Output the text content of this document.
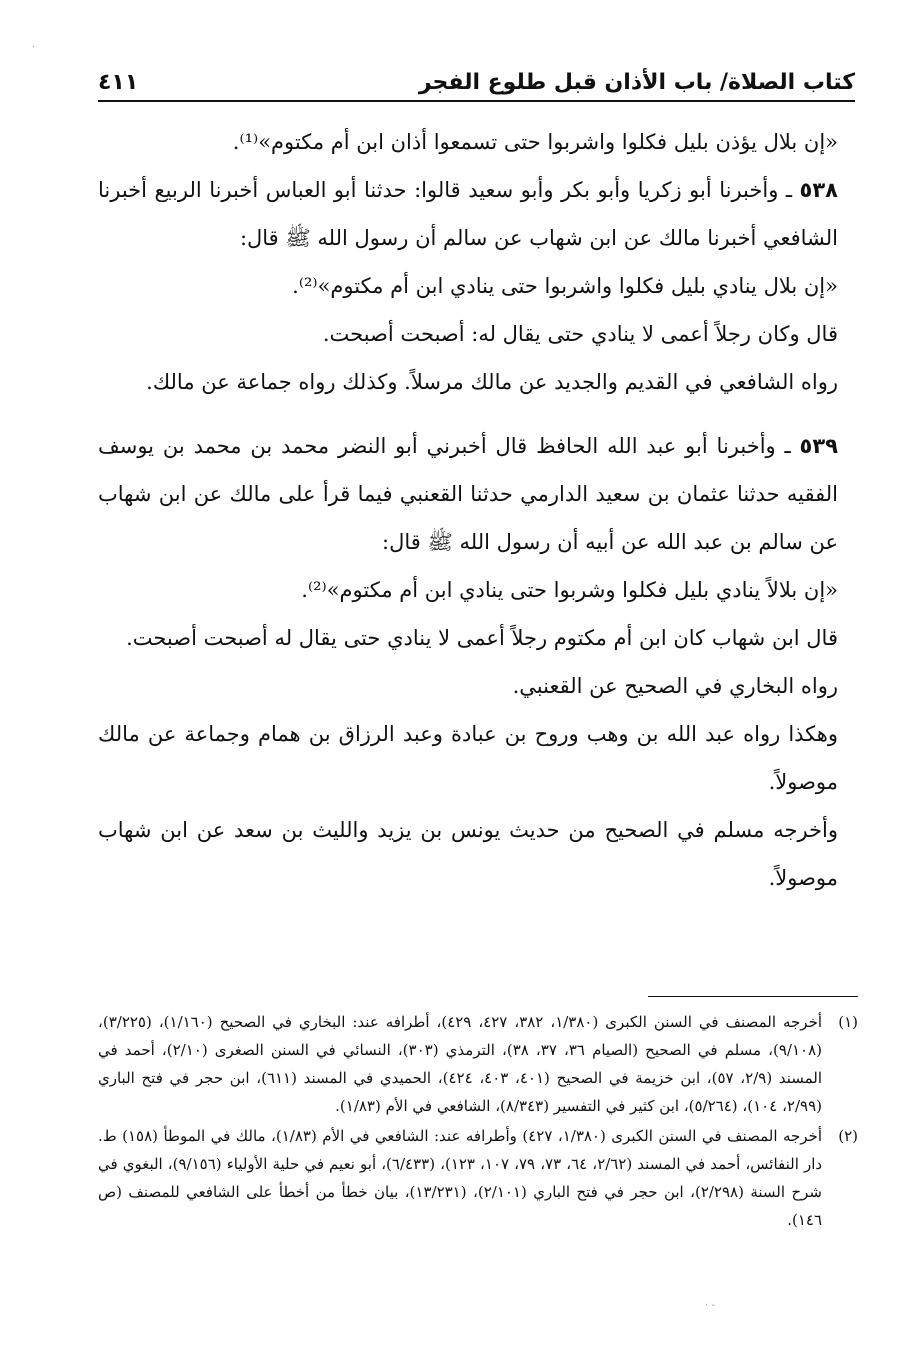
·
كتاب الصلاة/ باب الأذان قبل طلوع الفجر
٤١١

«إن بلال يؤذن بليل فكلوا واشربوا حتى تسمعوا أذان ابن أم مكتوم»⁽¹⁾.

٥٣٨ ـ وأخبرنا أبو زكريا وأبو بكر وأبو سعيد قالوا: حدثنا أبو العباس أخبرنا الربيع أخبرنا الشافعي أخبرنا مالك عن ابن شهاب عن سالم أن رسول الله ﷺ قال:

«إن بلال ينادي بليل فكلوا واشربوا حتى ينادي ابن أم مكتوم»⁽²⁾.

قال وكان رجلاً أعمى لا ينادي حتى يقال له: أصبحت أصبحت.

رواه الشافعي في القديم والجديد عن مالك مرسلاً. وكذلك رواه جماعة عن مالك.

٥٣٩ ـ وأخبرنا أبو عبد الله الحافظ قال أخبرني أبو النضر محمد بن محمد بن يوسف الفقيه حدثنا عثمان بن سعيد الدارمي حدثنا القعنبي فيما قرأ على مالك عن ابن شهاب عن سالم بن عبد الله عن أبيه أن رسول الله ﷺ قال:

«إن بلالاً ينادي بليل فكلوا وشربوا حتى ينادي ابن أم مكتوم»⁽²⁾.

قال ابن شهاب كان ابن أم مكتوم رجلاً أعمى لا ينادي حتى يقال له أصبحت أصبحت.

رواه البخاري في الصحيح عن القعنبي.

وهكذا رواه عبد الله بن وهب وروح بن عبادة وعبد الرزاق بن همام وجماعة عن مالك موصولاً.

وأخرجه مسلم في الصحيح من حديث يونس بن يزيد والليث بن سعد عن ابن شهاب موصولاً.

(١)
أخرجه المصنف في السنن الكبرى (١/٣٨٠، ٣٨٢، ٤٢٧، ٤٢٩)، أطرافه عند: البخاري في الصحيح (١/١٦٠)، (٣/٢٢٥)، (٩/١٠٨)، مسلم في الصحيح (الصيام ٣٦، ٣٧، ٣٨)، الترمذي (٣٠٣)، النسائي في السنن الصغرى (٢/١٠)، أحمد في المسند (٢/٩، ٥٧)، ابن خزيمة في الصحيح (٤٠١، ٤٠٣، ٤٢٤)، الحميدي في المسند (٦١١)، ابن حجر في فتح الباري (٢/٩٩، ١٠٤)، (٥/٢٦٤)، ابن كثير في التفسير (٨/٣٤٣)، الشافعي في الأم (١/٨٣).
(٢)
أخرجه المصنف في السنن الكبرى (١/٣٨٠، ٤٢٧) وأطرافه عند: الشافعي في الأم (١/٨٣)، مالك في الموطأ (١٥٨) ط. دار النفائس، أحمد في المسند (٢/٦٢، ٦٤، ٧٣، ٧٩، ١٠٧، ١٢٣)، (٦/٤٣٣)، أبو نعيم في حلية الأولياء (٩/١٥٦)، البغوي في شرح السنة (٢/٢٩٨)، ابن حجر في فتح الباري (٢/١٠١)، (١٣/٢٣١)، بيان خطأ من أخطأ على الشافعي للمصنف (ص ١٤٦).
‐ ·
